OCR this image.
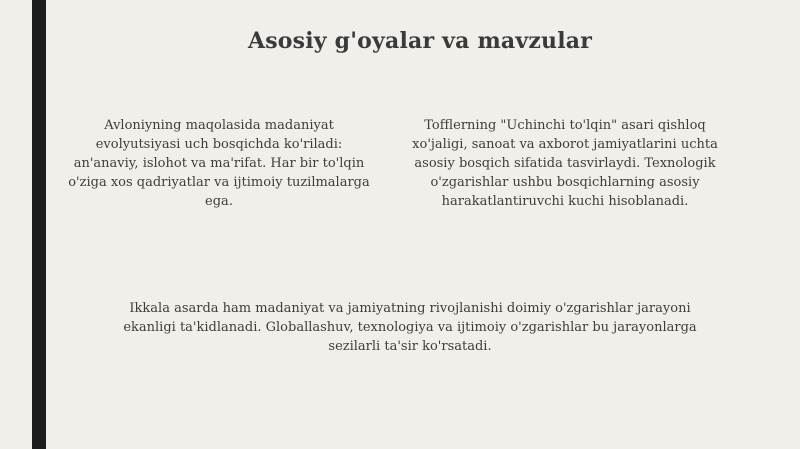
Asosiy g'oyalar va mavzular
Avloniyning maqolasida madaniyat evolyutsiyasi uch bosqichda ko'riladi: an'anaviy, islohot va ma'rifat. Har bir to'lqin o'ziga xos qadriyatlar va ijtimoiy tuzilmalarga ega.
Tofflerning "Uchinchi to'lqin" asari qishloq xo'jaligi, sanoat va axborot jamiyatlarini uchta asosiy bosqich sifatida tasvirlaydi. Texnologik o'zgarishlar ushbu bosqichlarning asosiy harakatlantiruvchi kuchi hisoblanadi.
Ikkala asarda ham madaniyat va jamiyatning rivojlanishi doimiy o'zgarishlar jarayoni ekanligi ta'kidlanadi. Globallashuv, texnologiya va ijtimoiy o'zgarishlar bu jarayonlarga sezilarli ta'sir ko'rsatadi.
